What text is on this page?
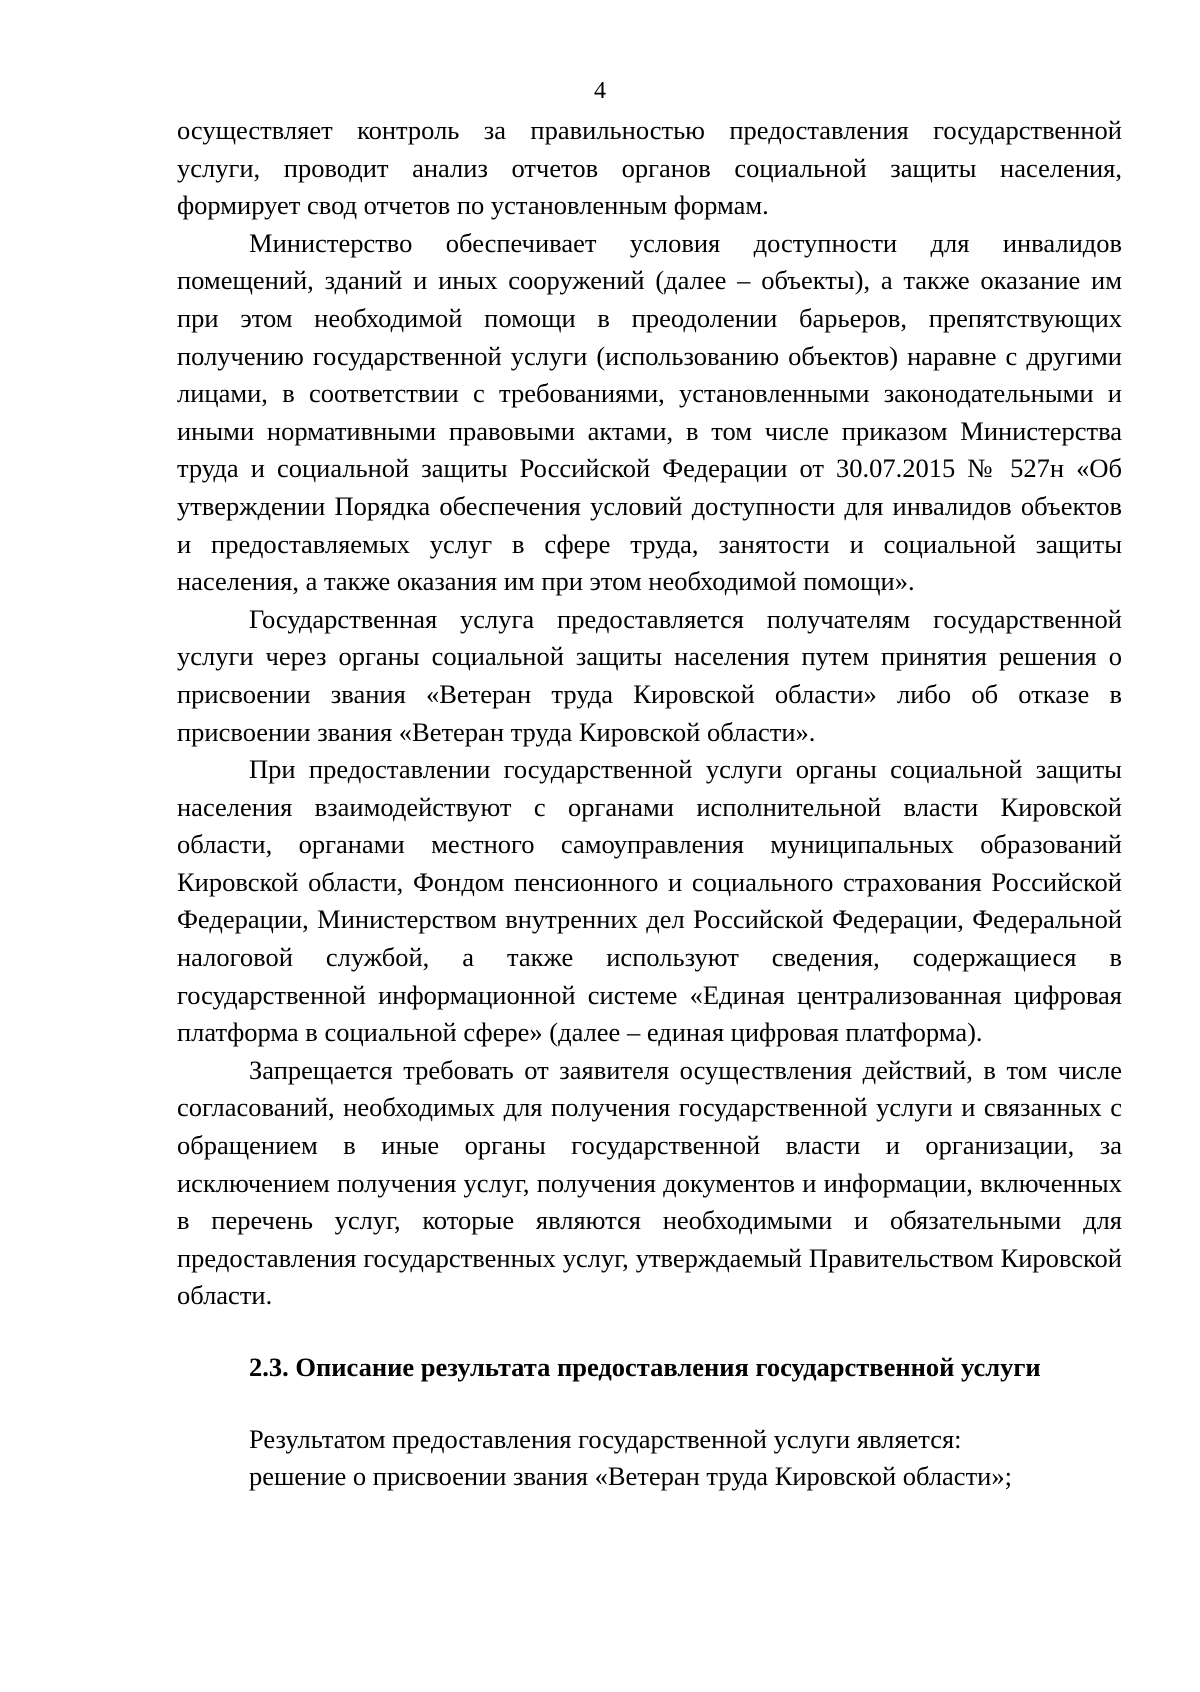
4

осуществляет контроль за правильностью предоставления государственной услуги, проводит анализ отчетов органов социальной защиты населения, формирует свод отчетов по установленным формам.

Министерство обеспечивает условия доступности для инвалидов помещений, зданий и иных сооружений (далее – объекты), а также оказание им при этом необходимой помощи в преодолении барьеров, препятствующих получению государственной услуги (использованию объектов) наравне с другими лицами, в соответствии с требованиями, установленными законодательными и иными нормативными правовыми актами, в том числе приказом Министерства труда и социальной защиты Российской Федерации от 30.07.2015 № 527н «Об утверждении Порядка обеспечения условий доступности для инвалидов объектов и предоставляемых услуг в сфере труда, занятости и социальной защиты населения, а также оказания им при этом необходимой помощи».

Государственная услуга предоставляется получателям государственной услуги через органы социальной защиты населения путем принятия решения о присвоении звания «Ветеран труда Кировской области» либо об отказе в присвоении звания «Ветеран труда Кировской области».

При предоставлении государственной услуги органы социальной защиты населения взаимодействуют с органами исполнительной власти Кировской области, органами местного самоуправления муниципальных образований Кировской области, Фондом пенсионного и социального страхования Российской Федерации, Министерством внутренних дел Российской Федерации, Федеральной налоговой службой, а также используют сведения, содержащиеся в государственной информационной системе «Единая централизованная цифровая платформа в социальной сфере» (далее – единая цифровая платформа).

Запрещается требовать от заявителя осуществления действий, в том числе согласований, необходимых для получения государственной услуги и связанных с обращением в иные органы государственной власти и организации, за исключением получения услуг, получения документов и информации, включенных в перечень услуг, которые являются необходимыми и обязательными для предоставления государственных услуг, утверждаемый Правительством Кировской области.

2.3. Описание результата предоставления государственной услуги

Результатом предоставления государственной услуги является:

решение о присвоении звания «Ветеран труда Кировской области»;
